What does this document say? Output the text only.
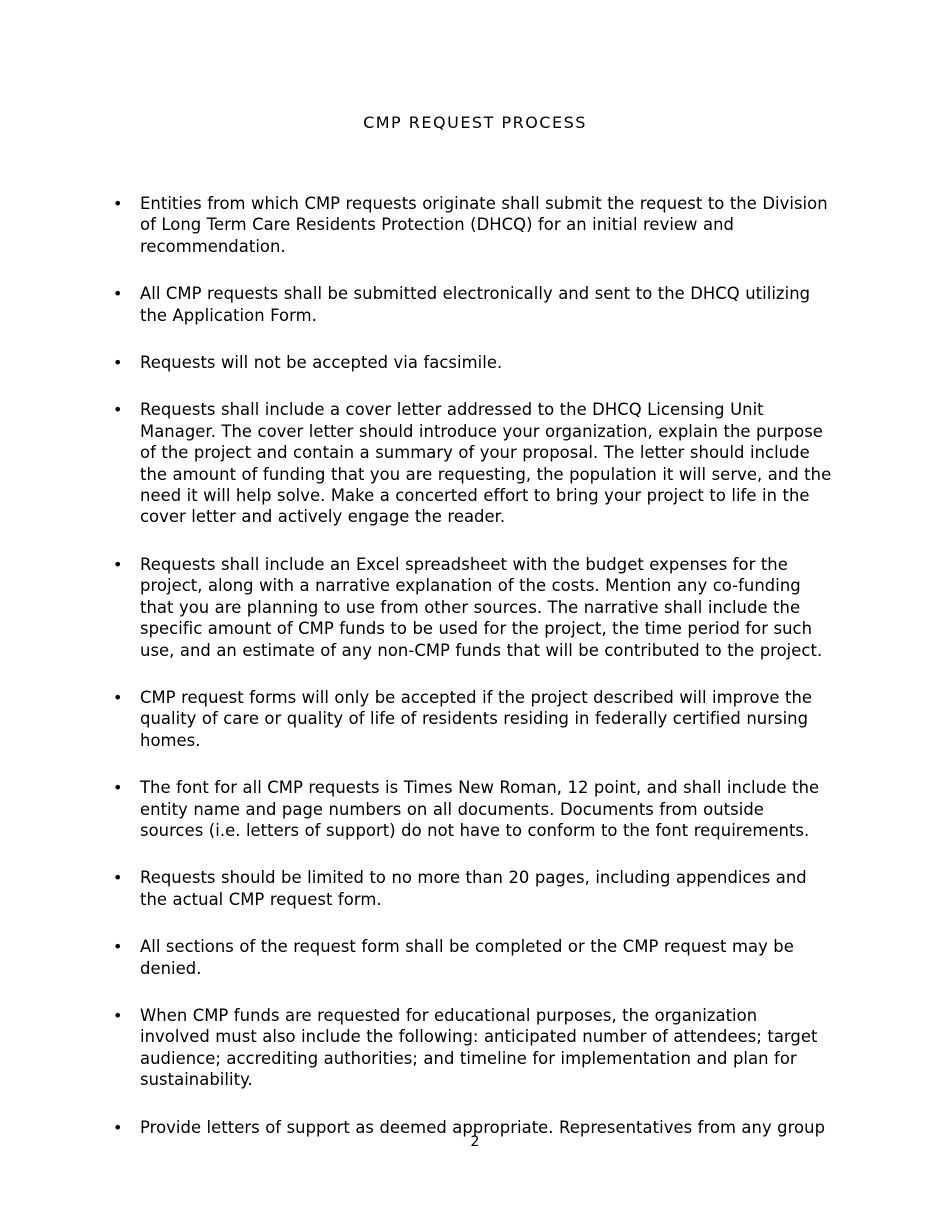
CMP REQUEST PROCESS
• Entities from which CMP requests originate shall submit the request to the Division of Long Term Care Residents Protection (DHCQ) for an initial review and recommendation.
• All CMP requests shall be submitted electronically and sent to the DHCQ utilizing the Application Form.
• Requests will not be accepted via facsimile.
• Requests shall include a cover letter addressed to the DHCQ Licensing Unit Manager. The cover letter should introduce your organization, explain the purpose of the project and contain a summary of your proposal. The letter should include the amount of funding that you are requesting, the population it will serve, and the need it will help solve. Make a concerted effort to bring your project to life in the cover letter and actively engage the reader.
• Requests shall include an Excel spreadsheet with the budget expenses for the project, along with a narrative explanation of the costs. Mention any co-funding that you are planning to use from other sources. The narrative shall include the specific amount of CMP funds to be used for the project, the time period for such use, and an estimate of any non-CMP funds that will be contributed to the project.
• CMP request forms will only be accepted if the project described will improve the quality of care or quality of life of residents residing in federally certified nursing homes.
• The font for all CMP requests is Times New Roman, 12 point, and shall include the entity name and page numbers on all documents. Documents from outside sources (i.e. letters of support) do not have to conform to the font requirements.
• Requests should be limited to no more than 20 pages, including appendices and the actual CMP request form.
• All sections of the request form shall be completed or the CMP request may be denied.
• When CMP funds are requested for educational purposes, the organization involved must also include the following: anticipated number of attendees; target audience; accrediting authorities; and timeline for implementation and plan for sustainability.
• Provide letters of support as deemed appropriate. Representatives from any group
2
